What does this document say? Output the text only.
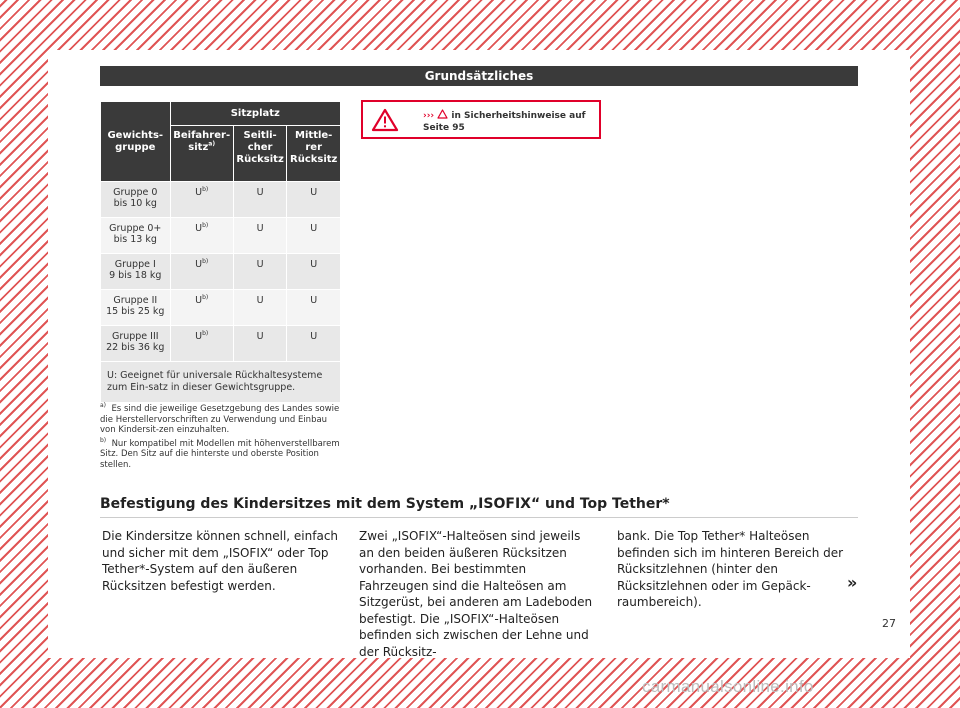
Grundsätzliches
Gewichts-gruppe	Sitzplatz		
	Beifahrer-sitz$^{a)}$	Seitli-cher Rücksitz	Mittle-rer Rücksitz
Gruppe 0
bis 10 kg	$U^{b)}$	U	U
Gruppe 0+
bis 13 kg	$U^{b)}$	U	U
Gruppe I
9 bis 18 kg	$U^{b)}$	U	U
Gruppe II
15 bis 25 kg	$U^{b)}$	U	U
Gruppe III
22 bis 36 kg	$U^{b)}$	U	U
U: Geeignet für universale Rückhaltesysteme zum Ein-satz in dieser Gewichtsgruppe.			

$^{a)}$ Es sind die jeweilige Gesetzgebung des Landes sowie die Herstellervorschriften zu Verwendung und Einbau von Kindersit-zen einzuhalten.

$^{b)}$ Nur kompatibel mit Modellen mit höhenverstellbarem Sitz. Den Sitz auf die hinterste und oberste Position stellen.

››› in Sicherheitshinweise auf
Seite 95
Befestigung des Kindersitzes mit dem System „ISOFIX“ und Top Tether*
Die Kindersitze können schnell, einfach und sicher mit dem „ISOFIX“ oder Top Tether*-System auf den äußeren Rücksitzen befestigt werden.
Zwei „ISOFIX“-Halteösen sind jeweils an den beiden äußeren Rücksitzen vorhanden. Bei bestimmten Fahrzeugen sind die Halteösen am Sitzgerüst, bei anderen am Ladeboden befestigt. Die „ISOFIX“-Halteösen befinden sich zwischen der Lehne und der Rücksitz-
bank. Die Top Tether* Halteösen befinden sich im hinteren Bereich der Rücksitzlehnen (hinter den Rücksitzlehnen oder im Gepäck-raumbereich).
»
27
carmanualsonline.info
